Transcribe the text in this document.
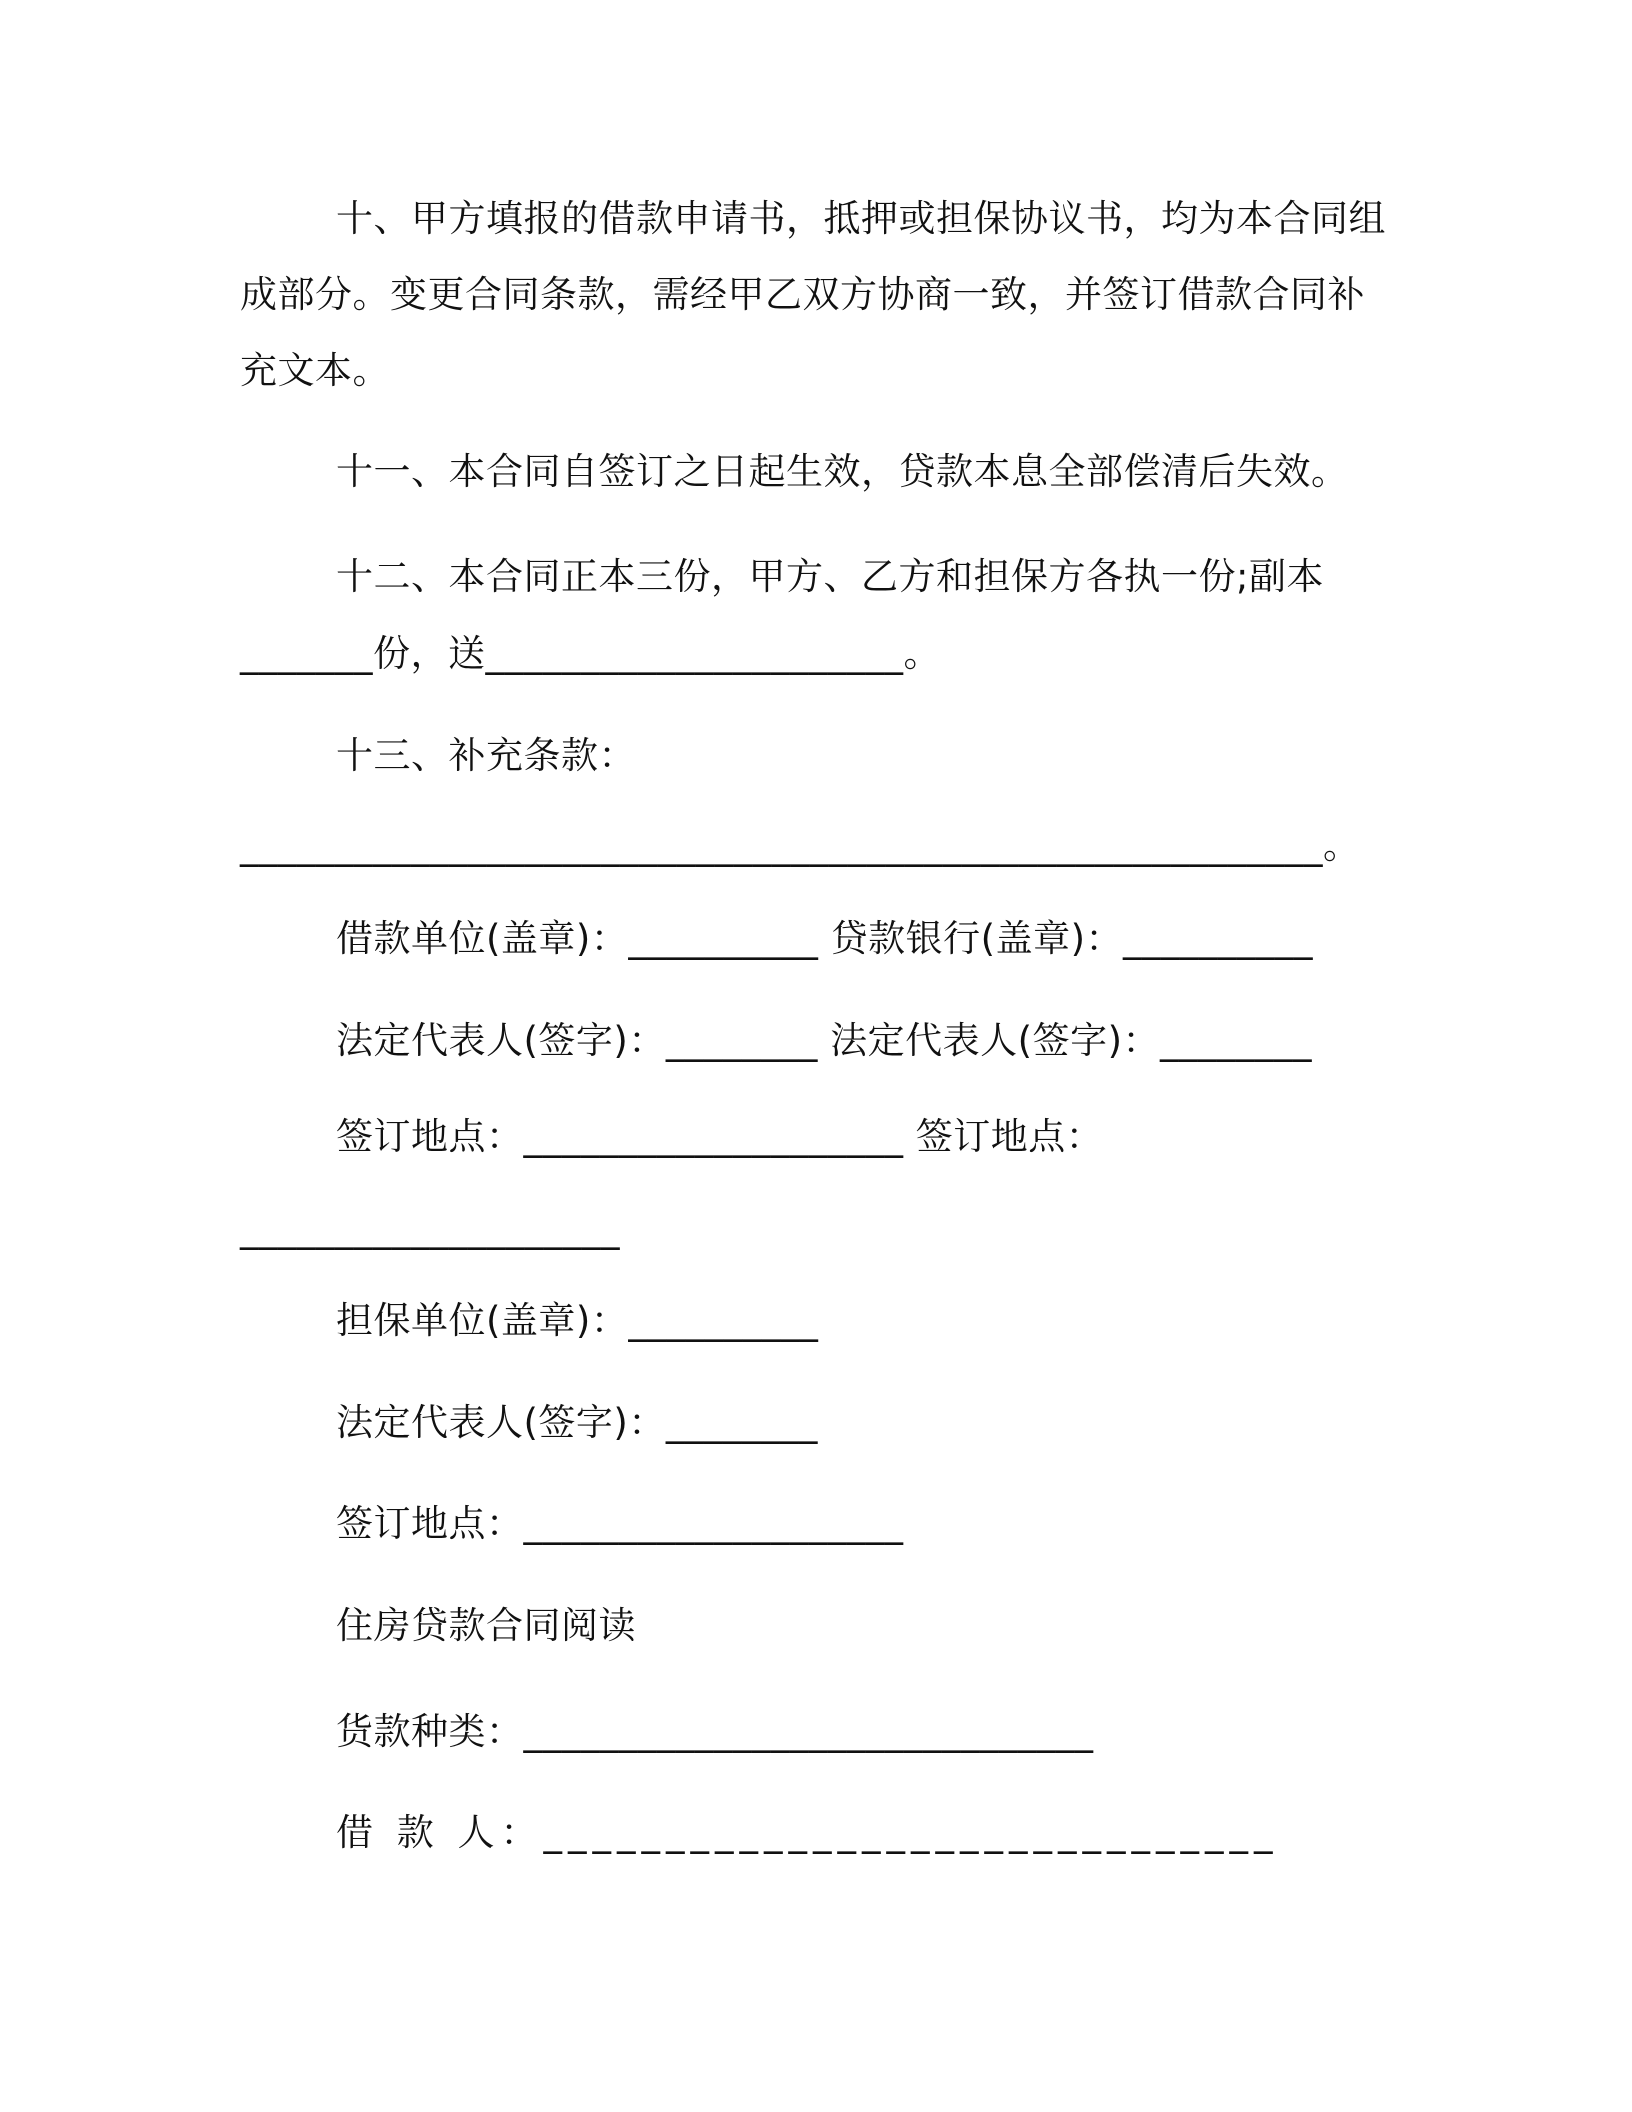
十、甲方填报的借款申请书，抵押或担保协议书，均为本合同组
成部分。变更合同条款，需经甲乙双方协商一致，并签订借款合同补
充文本。
十一、本合同自签订之日起生效，贷款本息全部偿清后失效。
十二、本合同正本三份，甲方、乙方和担保方各执一份;副本
_______份，送______________________。
十三、补充条款：
_________________________________________________________。
借款单位(盖章)：__________ 贷款银行(盖章)：__________
法定代表人(签字)：________ 法定代表人(签字)：________
签订地点：____________________ 签订地点：
____________________
担保单位(盖章)：__________
法定代表人(签字)：________
签订地点：____________________
住房贷款合同阅读
货款种类：______________________________
借 款 人：______________________________
